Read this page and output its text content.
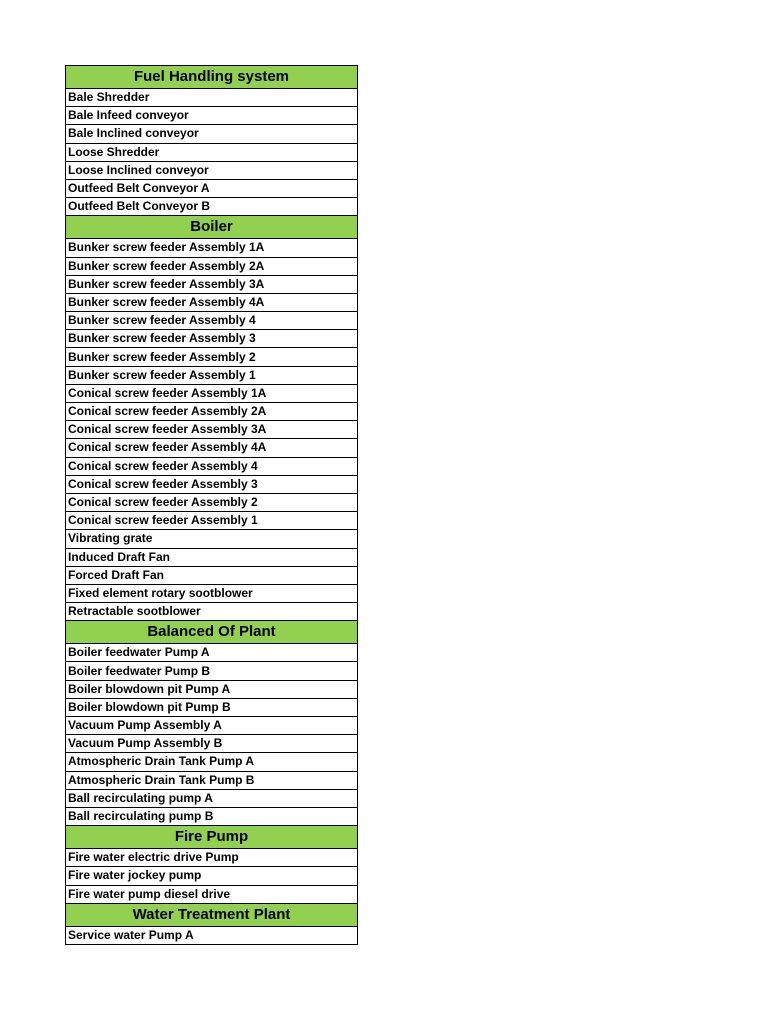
Fuel Handling system
Bale Shredder
Bale Infeed conveyor
Bale Inclined conveyor
Loose Shredder
Loose Inclined conveyor
Outfeed Belt Conveyor A
Outfeed Belt Conveyor B
Boiler
Bunker screw feeder Assembly 1A
Bunker screw feeder Assembly 2A
Bunker screw feeder Assembly 3A
Bunker screw feeder Assembly 4A
Bunker screw feeder Assembly 4
Bunker screw feeder Assembly 3
Bunker screw feeder Assembly 2
Bunker screw feeder Assembly 1
Conical screw feeder Assembly 1A
Conical screw feeder Assembly 2A
Conical screw feeder Assembly 3A
Conical screw feeder Assembly 4A
Conical screw feeder Assembly 4
Conical screw feeder Assembly 3
Conical screw feeder Assembly 2
Conical screw feeder Assembly 1
Vibrating grate
Induced Draft Fan
Forced Draft Fan
Fixed element rotary sootblower
Retractable sootblower
Balanced Of Plant
Boiler feedwater Pump A
Boiler feedwater Pump B
Boiler blowdown pit Pump A
Boiler blowdown pit Pump B
Vacuum Pump Assembly A
Vacuum Pump Assembly B
Atmospheric Drain Tank Pump A
Atmospheric Drain Tank Pump B
Ball recirculating pump A
Ball recirculating pump B
Fire Pump
Fire water electric drive Pump
Fire water jockey pump
Fire water pump diesel drive
Water Treatment Plant
Service water Pump A
